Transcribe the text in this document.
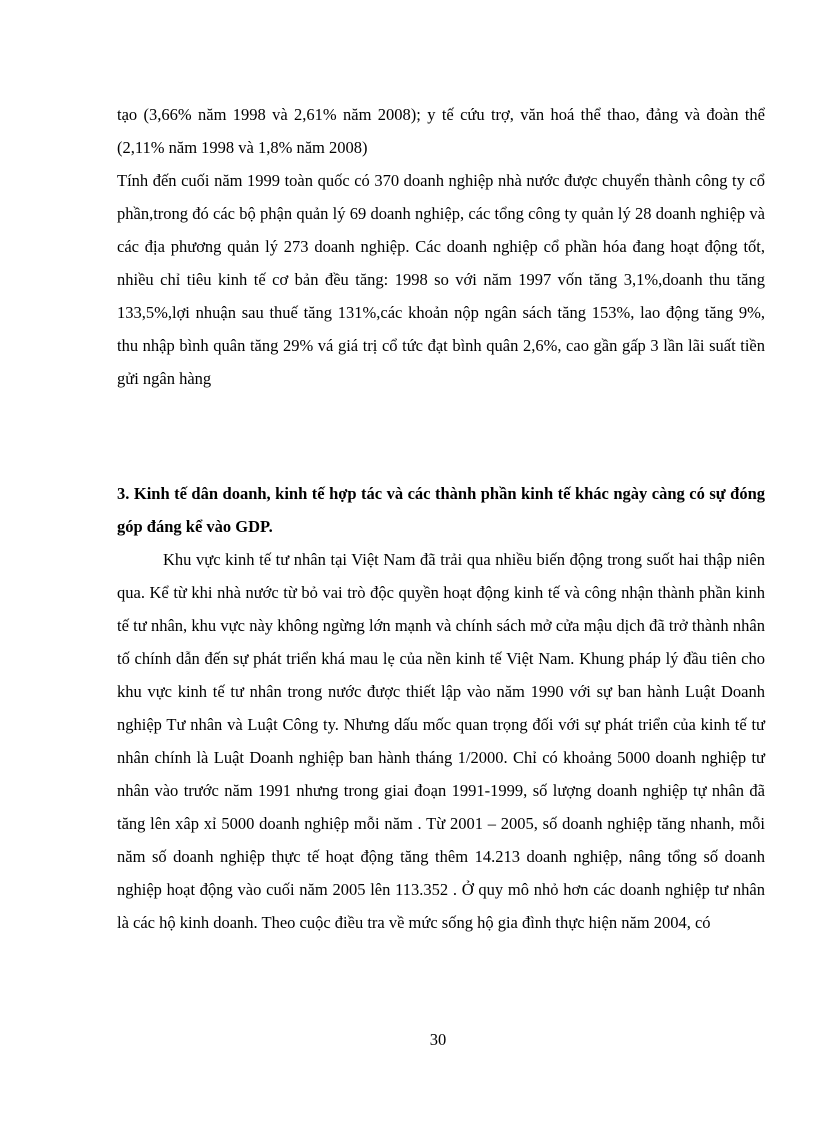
tạo (3,66% năm 1998 và 2,61% năm 2008); y tế cứu trợ, văn hoá thể thao, đảng và đoàn thể (2,11% năm 1998 và 1,8% năm 2008)

Tính đến cuối năm 1999 toàn quốc có 370 doanh nghiệp nhà nước được chuyển thành công ty cổ phần,trong đó các bộ phận quản lý 69 doanh nghiệp, các tổng công ty quản lý 28 doanh nghiệp và các địa phương quản lý 273 doanh nghiệp. Các doanh nghiệp cổ phần hóa đang hoạt động tốt, nhiều chỉ tiêu kinh tế cơ bản đều tăng: 1998 so với năm 1997 vốn tăng 3,1%,doanh thu tăng 133,5%,lợi nhuận sau thuế tăng 131%,các khoản nộp ngân sách tăng 153%, lao động tăng 9%, thu nhập bình quân tăng 29% vá giá trị cổ tức đạt bình quân 2,6%, cao gần gấp 3 lần lãi suất tiền gửi ngân hàng

3. Kinh tế dân doanh, kinh tế hợp tác và các thành phần kinh tế khác ngày càng có sự đóng góp đáng kể vào GDP.

Khu vực kinh tế tư nhân tại Việt Nam đã trải qua nhiều biến động trong suốt hai thập niên qua. Kể từ khi nhà nước từ bỏ vai trò độc quyền hoạt động kinh tế và công nhận thành phần kinh tế tư nhân, khu vực này không ngừng lớn mạnh và chính sách mở cửa mậu dịch đã trở thành nhân tố chính dẫn đến sự phát triển khá mau lẹ của nền kinh tế Việt Nam. Khung pháp lý đầu tiên cho khu vực kinh tế tư nhân trong nước được thiết lập vào năm 1990 với sự ban hành Luật Doanh nghiệp Tư nhân và Luật Công ty. Nhưng dấu mốc quan trọng đối với sự phát triển của kinh tế tư nhân chính là Luật Doanh nghiệp ban hành tháng 1/2000. Chỉ có khoảng 5000 doanh nghiệp tư nhân vào trước năm 1991 nhưng trong giai đoạn 1991-1999, số lượng doanh nghiệp tự nhân đã tăng lên xâp xỉ 5000 doanh nghiệp mỗi năm . Từ 2001 – 2005, số doanh nghiệp tăng nhanh, mỗi năm số doanh nghiệp thực tế hoạt động tăng thêm 14.213 doanh nghiệp, nâng tổng số doanh nghiệp hoạt động vào cuối năm 2005 lên 113.352 . Ở quy mô nhỏ hơn các doanh nghiệp tư nhân là các hộ kinh doanh. Theo cuộc điều tra về mức sống hộ gia đình thực hiện năm 2004, có

30
